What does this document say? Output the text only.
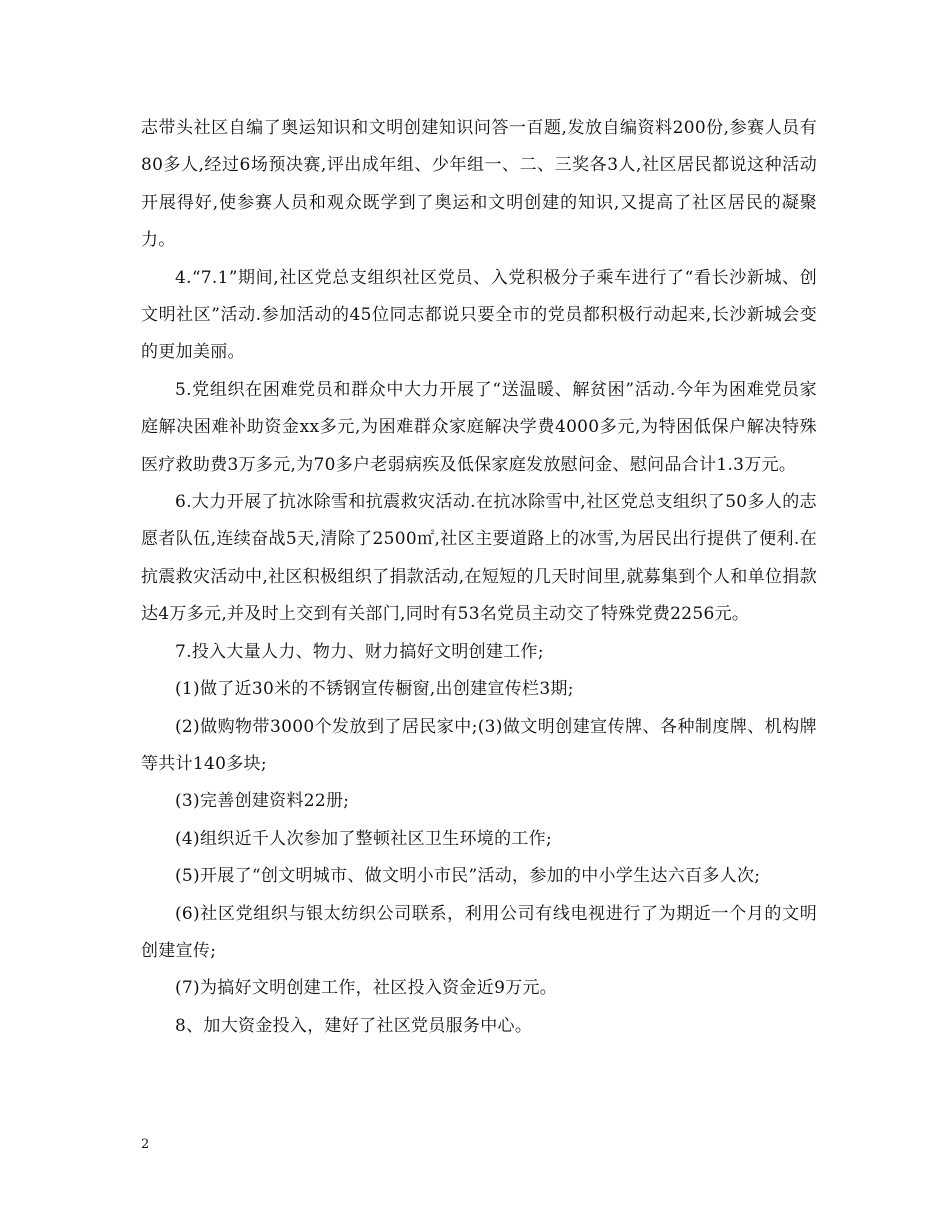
志带头社区自编了奥运知识和文明创建知识问答一百题,发放自编资料200份,参赛人员有80多人,经过6场预决赛,评出成年组、少年组一、二、三奖各3人,社区居民都说这种活动开展得好,使参赛人员和观众既学到了奥运和文明创建的知识,又提高了社区居民的凝聚力。

4.“7.1”期间,社区党总支组织社区党员、入党积极分子乘车进行了“看长沙新城、创文明社区”活动.参加活动的45位同志都说只要全市的党员都积极行动起来,长沙新城会变的更加美丽。

5.党组织在困难党员和群众中大力开展了“送温暖、解贫困”活动.今年为困难党员家庭解决困难补助资金xx多元,为困难群众家庭解决学费4000多元,为特困低保户解决特殊医疗救助费3万多元,为70多户老弱病疾及低保家庭发放慰问金、慰问品合计1.3万元。

6.大力开展了抗冰除雪和抗震救灾活动.在抗冰除雪中,社区党总支组织了50多人的志愿者队伍,连续奋战5天,清除了2500㎡,社区主要道路上的冰雪,为居民出行提供了便利.在抗震救灾活动中,社区积极组织了捐款活动,在短短的几天时间里,就募集到个人和单位捐款达4万多元,并及时上交到有关部门,同时有53名党员主动交了特殊党费2256元。

7.投入大量人力、物力、财力搞好文明创建工作;

(1)做了近30米的不锈钢宣传橱窗,出创建宣传栏3期;

(2)做购物带3000个发放到了居民家中;(3)做文明创建宣传牌、各种制度牌、机构牌等共计140多块;

(3)完善创建资料22册;

(4)组织近千人次参加了整顿社区卫生环境的工作;

(5)开展了“创文明城市、做文明小市民”活动，参加的中小学生达六百多人次;

(6)社区党组织与银太纺织公司联系，利用公司有线电视进行了为期近一个月的文明创建宣传;

(7)为搞好文明创建工作，社区投入资金近9万元。

8、加大资金投入，建好了社区党员服务中心。

2
